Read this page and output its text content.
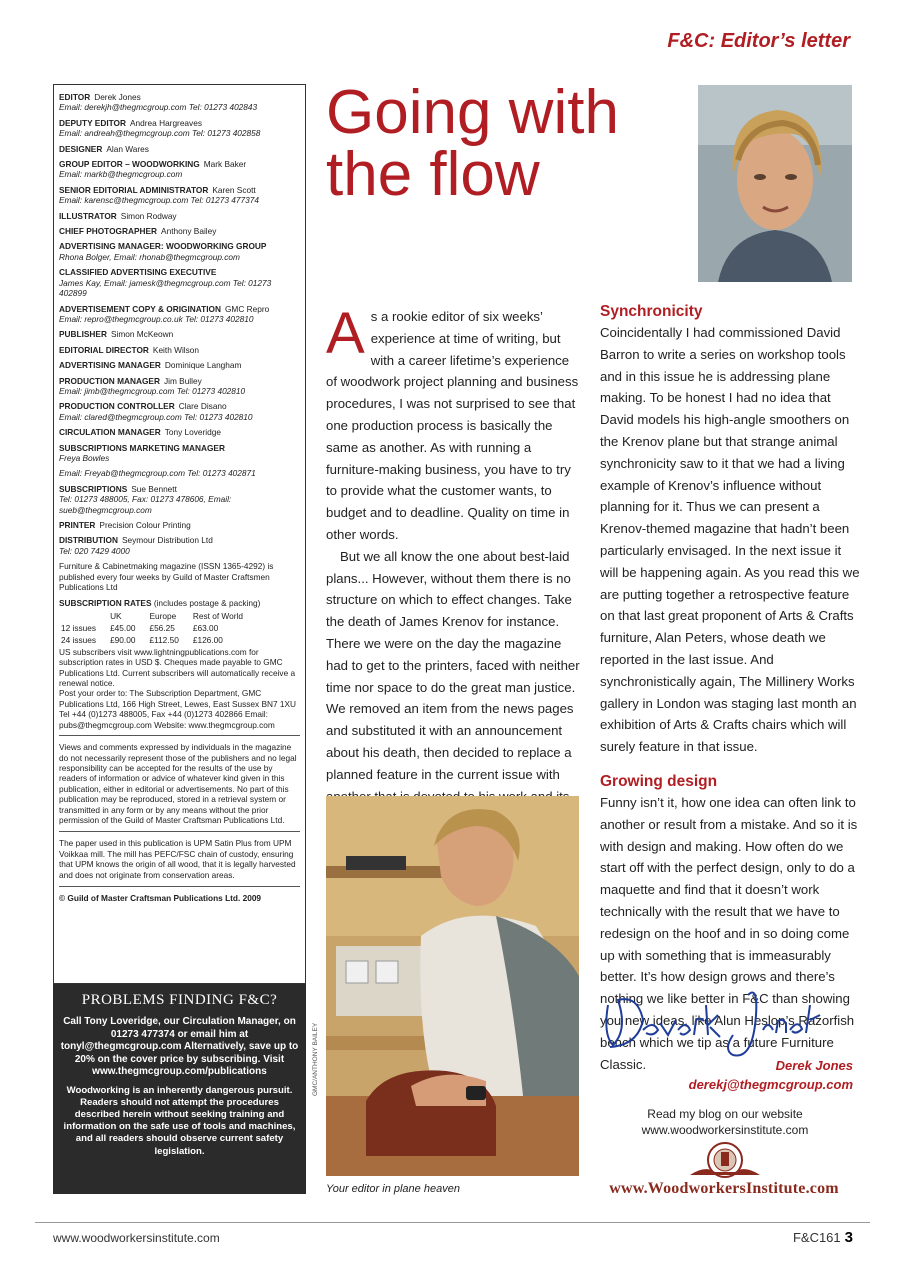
F&C: Editor’s letter
EDITOR Derek Jones
Email: derekjh@thegmcgroup.com Tel: 01273 402843
DEPUTY EDITOR Andrea Hargreaves
Email: andreah@thegmcgroup.com Tel: 01273 402858
DESIGNER Alan Wares
GROUP EDITOR – WOODWORKING Mark Baker
Email: markb@thegmcgroup.com
SENIOR EDITORIAL ADMINISTRATOR Karen Scott
Email: karensc@thegmcgroup.com Tel: 01273 477374
ILLUSTRATOR Simon Rodway
CHIEF PHOTOGRAPHER Anthony Bailey
ADVERTISING MANAGER: WOODWORKING GROUP
Rhona Bolger, Email: rhonab@thegmcgroup.com
CLASSIFIED ADVERTISING EXECUTIVE
James Kay, Email: jamesk@thegmcgroup.com Tel: 01273 402899
ADVERTISEMENT COPY & ORIGINATION GMC Repro
Email: repro@thegmcgroup.co.uk Tel: 01273 402810
PUBLISHER Simon McKeown
EDITORIAL DIRECTOR Keith Wilson
ADVERTISING MANAGER Dominique Langham
PRODUCTION MANAGER Jim Bulley
Email: jimb@thegmcgroup.com Tel: 01273 402810
PRODUCTION CONTROLLER Clare Disano
Email: clared@thegmcgroup.com Tel: 01273 402810
CIRCULATION MANAGER Tony Loveridge
SUBSCRIPTIONS MARKETING MANAGER
Freya Bowles
Email: Freyab@thegmcgroup.com Tel: 01273 402871
SUBSCRIPTIONS Sue Bennett
Tel: 01273 488005, Fax: 01273 478606, Email: sueb@thegmcgroup.com
PRINTER Precision Colour Printing
DISTRIBUTION Seymour Distribution Ltd
Tel: 020 7429 4000
Furniture & Cabinetmaking magazine (ISSN 1365-4292) is published every four weeks by Guild of Master Craftsmen Publications Ltd
SUBSCRIPTION RATES (includes postage & packing)
	UK	Europe	Rest of World
12 issues	£45.00	£56.25	£63.00
24 issues	£90.00	£112.50	£126.00
US subscribers visit www.lightningpublications.com for subscription rates in USD $. Cheques made payable to GMC Publications Ltd. Current subscribers will automatically receive a renewal notice.
Post your order to: The Subscription Department, GMC Publications Ltd, 166 High Street, Lewes, East Sussex BN7 1XU
Tel +44 (0)1273 488005, Fax +44 (0)1273 402866 Email: pubs@thegmcgroup.com Website: www.thegmcgroup.com
Views and comments expressed by individuals in the magazine do not necessarily represent those of the publishers and no legal responsibility can be accepted for the results of the use by readers of information or advice of whatever kind given in this publication, either in editorial or advertisements. No part of this publication may be reproduced, stored in a retrieval system or transmitted in any form or by any means without the prior permission of the Guild of Master Craftsman Publications Ltd.
The paper used in this publication is UPM Satin Plus from UPM Voikkaa mill. The mill has PEFC/FSC chain of custody, ensuring that UPM knows the origin of all wood, that it is legally harvested and does not originate from conservation areas.
© Guild of Master Craftsman Publications Ltd. 2009
PROBLEMS FINDING F&C?
Call Tony Loveridge, our Circulation Manager, on 01273 477374 or email him at tonyl@thegmcgroup.com Alternatively, save up to 20% on the cover price by subscribing. Visit www.thegmcgroup.com/publications
Woodworking is an inherently dangerous pursuit. Readers should not attempt the procedures described herein without seeking training and information on the safe use of tools and machines, and all readers should observe current safety legislation.
Going with the flow

As a rookie editor of six weeks’ experience at time of writing, but with a career lifetime’s experience of woodwork project planning and business procedures, I was not surprised to see that one production process is basically the same as another. As with running a furniture-making business, you have to try to provide what the customer wants, to budget and to deadline. Quality on time in other words.

But we all know the one about best-laid plans... However, without them there is no structure on which to effect changes. Take the death of James Krenov for instance. There we were on the day the magazine had to get to the printers, faced with neither time nor space to do the great man justice. We removed an item from the news pages and substituted it with an announcement about his death, then decided to replace a planned feature in the current issue with

GMC/ANTHONY BAILEY
Your editor in plane heaven
Synchronicity
Coincidentally I had commissioned David Barron to write a series on workshop tools and in this issue he is addressing plane making. To be honest I had no idea that David models his high-angle smoothers on the Krenov plane but that strange animal synchronicity saw to it that we had a living example of Krenov’s influence without planning for it. Thus we can present a Krenov-themed magazine that hadn’t been particularly envisaged. In the next issue it will be happening again. As you read this we are putting together a retrospective feature on that last great proponent of Arts & Crafts furniture, Alan Peters, whose death we reported in the last issue. And synchronistically again, The Millinery Works gallery in London was staging last month an exhibition of Arts & Crafts chairs which will surely feature in that issue.
Growing design
Funny isn’t it, how one idea can often link to another or result from a mistake. And so it is with design and making. How often do we start off with the perfect design, only to do a maquette and find that it doesn’t work technically with the result that we have to redesign on the hoof and in so doing come up with something that is immeasurably better. It’s how design grows and there’s nothing we like better in F&C than showing you new ideas, like Alun Heslop’s Razorfish bench which we tip as a future Furniture Classic.	Derek Jones
derekj@thegmcgroup.com
Read my blog on our website
www.woodworkersinstitute.com
www.WoodworkersInstitute.com
www.woodworkersinstitute.com	F&C161 3
